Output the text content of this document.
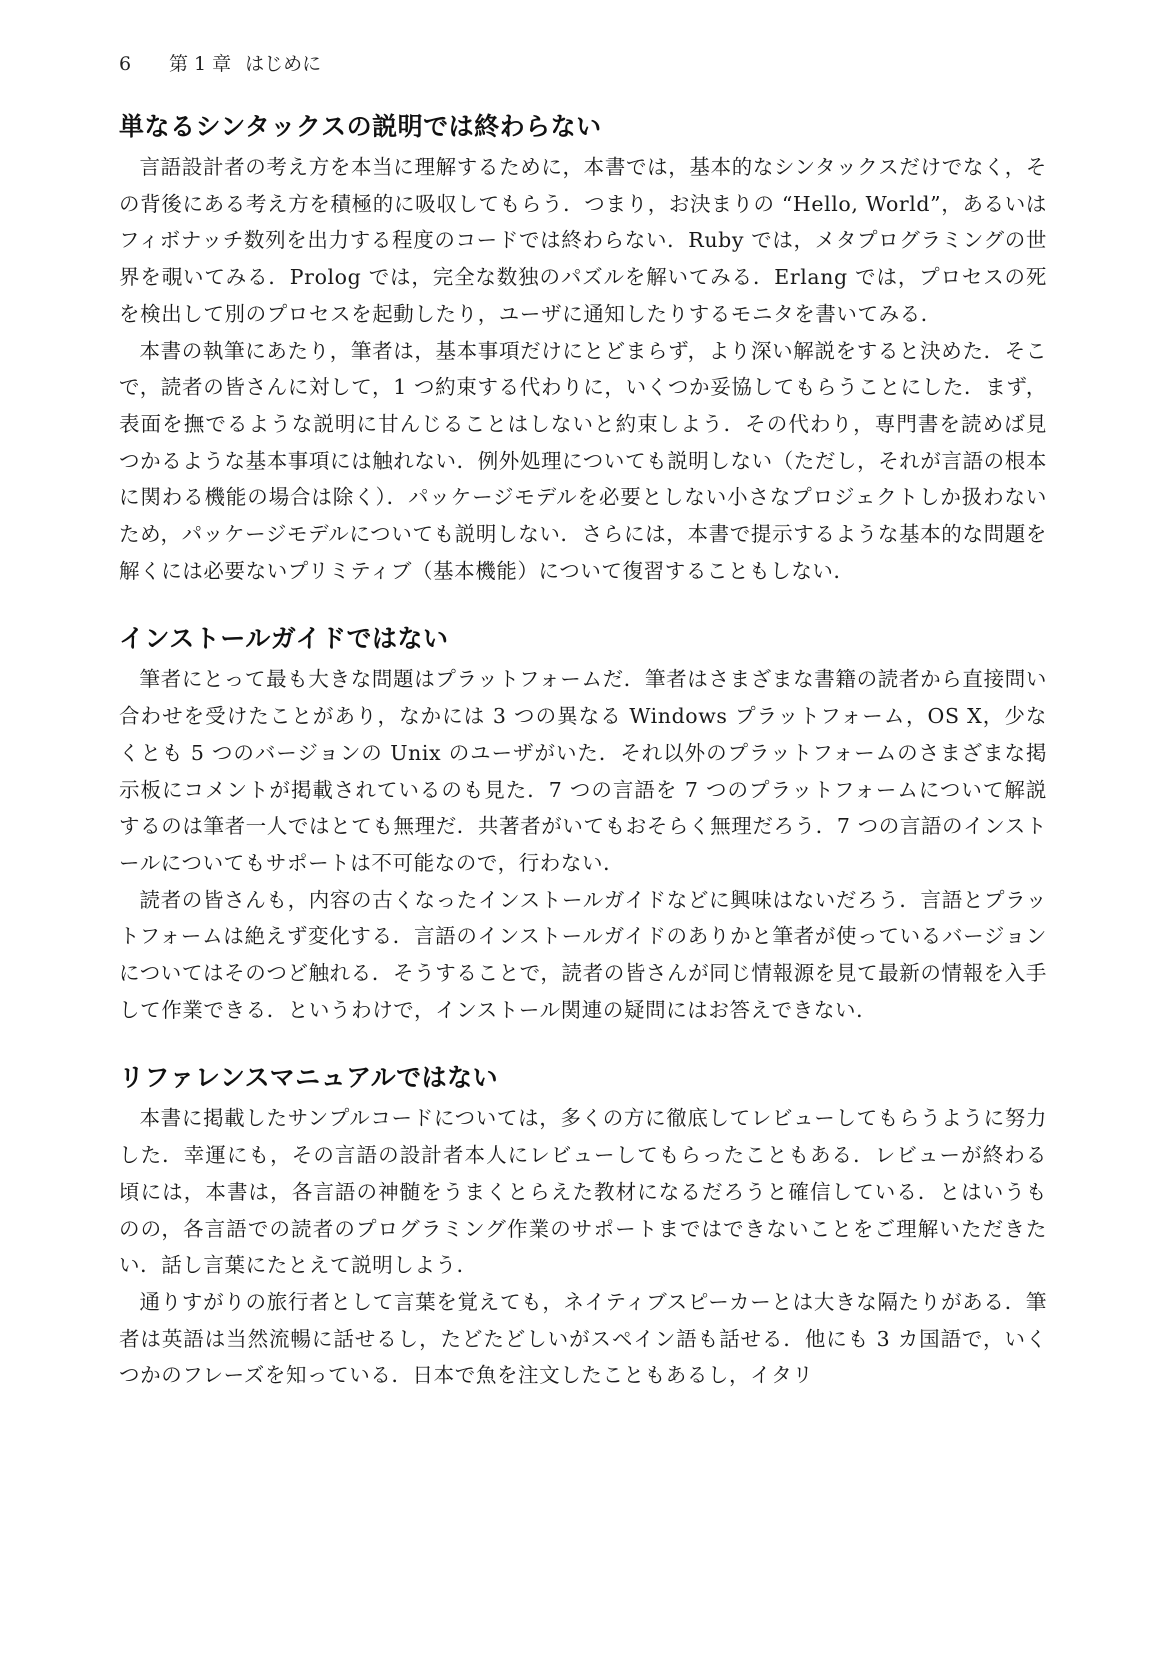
6 第 1 章 はじめに
単なるシンタックスの説明では終わらない

言語設計者の考え方を本当に理解するために，本書では，基本的なシンタックスだけでなく，その背後にある考え方を積極的に吸収してもらう．つまり，お決まりの “Hello, World”，あるいはフィボナッチ数列を出力する程度のコードでは終わらない．Ruby では，メタプログラミングの世界を覗いてみる．Prolog では，完全な数独のパズルを解いてみる．Erlang では，プロセスの死を検出して別のプロセスを起動したり，ユーザに通知したりするモニタを書いてみる．

本書の執筆にあたり，筆者は，基本事項だけにとどまらず，より深い解説をすると決めた．そこで，読者の皆さんに対して，1 つ約束する代わりに，いくつか妥協してもらうことにした．まず，表面を撫でるような説明に甘んじることはしないと約束しよう．その代わり，専門書を読めば見つかるような基本事項には触れない．例外処理についても説明しない（ただし，それが言語の根本に関わる機能の場合は除く）．パッケージモデルを必要としない小さなプロジェクトしか扱わないため，パッケージモデルについても説明しない．さらには，本書で提示するような基本的な問題を解くには必要ないプリミティブ（基本機能）について復習することもしない．

インストールガイドではない

筆者にとって最も大きな問題はプラットフォームだ．筆者はさまざまな書籍の読者から直接問い合わせを受けたことがあり，なかには 3 つの異なる Windows プラットフォーム，OS X，少なくとも 5 つのバージョンの Unix のユーザがいた．それ以外のプラットフォームのさまざまな掲示板にコメントが掲載されているのも見た．7 つの言語を 7 つのプラットフォームについて解説するのは筆者一人ではとても無理だ．共著者がいてもおそらく無理だろう．7 つの言語のインストールについてもサポートは不可能なので，行わない．

読者の皆さんも，内容の古くなったインストールガイドなどに興味はないだろう．言語とプラットフォームは絶えず変化する．言語のインストールガイドのありかと筆者が使っているバージョンについてはそのつど触れる．そうすることで，読者の皆さんが同じ情報源を見て最新の情報を入手して作業できる．というわけで，インストール関連の疑問にはお答えできない．

リファレンスマニュアルではない

本書に掲載したサンプルコードについては，多くの方に徹底してレビューしてもらうように努力した．幸運にも，その言語の設計者本人にレビューしてもらったこともある．レビューが終わる頃には，本書は，各言語の神髄をうまくとらえた教材になるだろうと確信している．とはいうものの，各言語での読者のプログラミング作業のサポートまではできないことをご理解いただきたい．話し言葉にたとえて説明しよう．

通りすがりの旅行者として言葉を覚えても，ネイティブスピーカーとは大きな隔たりがある．筆者は英語は当然流暢に話せるし，たどたどしいがスペイン語も話せる．他にも 3 カ国語で，いくつかのフレーズを知っている．日本で魚を注文したこともあるし，イタリ
